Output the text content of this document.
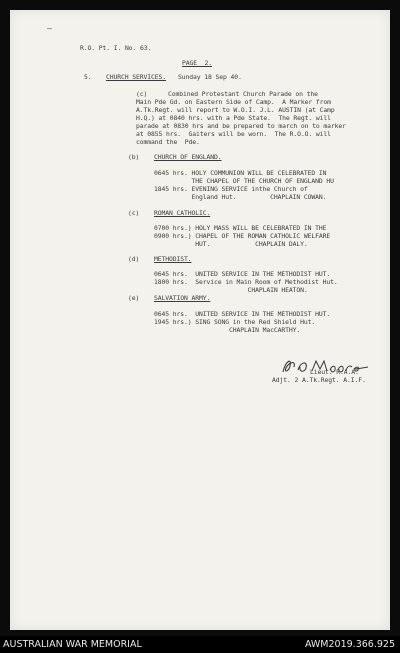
—
R.O. Pt. I. No. 63.
PAGE  2.
5. CHURCH SERVICES. Sunday 18 Sep 40.
(c)	Combined Protestant Church Parade on the
Main Pde Gd. on Eastern Side of Camp.  A Marker from
A.Tk.Regt. will report to W.O.I. J.L. AUSTIN (at Camp
H.Q.) at 0840 hrs. with a Pde State.  The Regt. will
parade at 0830 hrs and be prepared to march on to marker
at 0855 hrs.  Gaiters will be worn.  The R.O.O. will
command the  Pde.
(b) CHURCH OF ENGLAND.
0645 hrs. HOLY COMMUNION WILL BE CELEBRATED IN
THE CHAPEL OF THE CHURCH OF ENGLAND HU
1845 hrs. EVENING SERVICE inthe Church of
England Hut.         CHAPLAIN COWAN.
(c) ROMAN CATHOLIC.
0700 hrs.) HOLY MASS WILL BE CELEBRATED IN THE
0900 hrs.) CHAPEL OF THE ROMAN CATHOLIC WELFARE
HUT.            CHAPLAIN DALY.
(d) METHODIST.
0645 hrs.  UNITED SERVICE IN THE METHODIST HUT.
1800 hrs.  Service in Main Room of Methodist Hut.
CHAPLAIN HEATON.
(e) SALVATION ARMY.
0645 hrs.  UNITED SERVICE IN THE METHODIST HUT.
1945 hrs.) SING SONG in the Red Shield Hut.
CHAPLAIN MacCARTHY.
Lieut. R.A.A.
Adjt. 2 A.Tk.Regt. A.I.F.
AUSTRALIAN WAR MEMORIAL	AWM2019.366.925
